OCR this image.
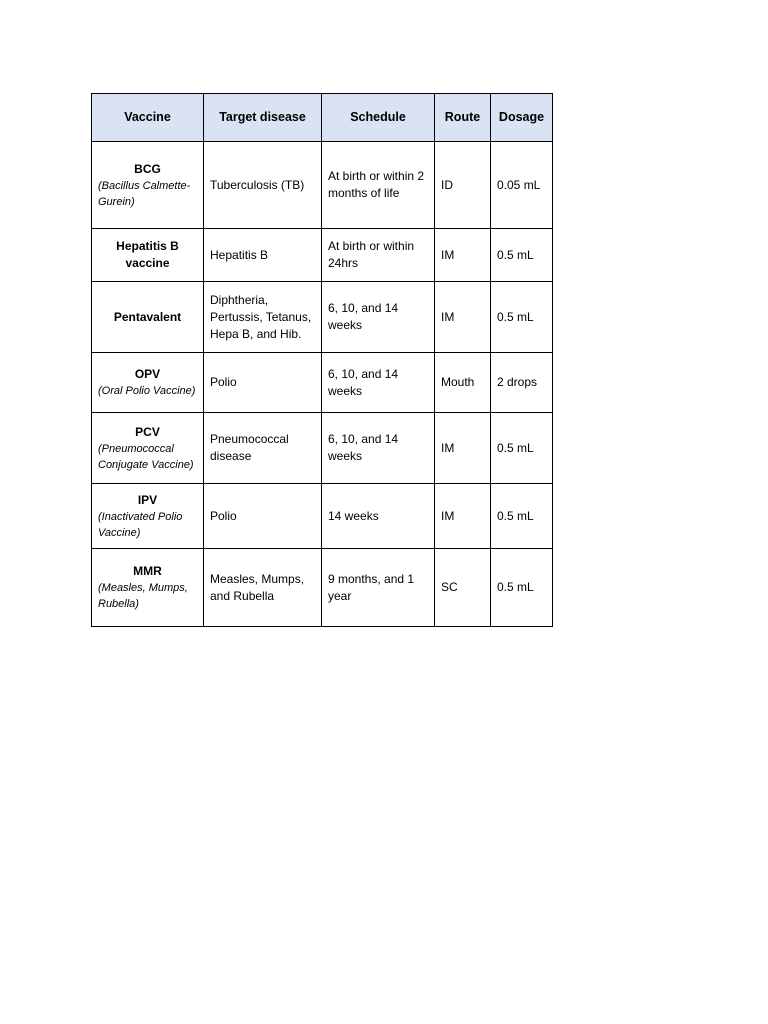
Vaccine	Target disease	Schedule	Route	Dosage

BCG
(Bacillus Calmette-Gurein)	Tuberculosis (TB)	At birth or within 2 months of life	ID	0.05 mL

Hepatitis B vaccine	Hepatitis B	At birth or within 24hrs	IM	0.5 mL

Pentavalent	Diphtheria, Pertussis, Tetanus, Hepa B, and Hib.	6, 10, and 14 weeks	IM	0.5 mL

OPV
(Oral Polio Vaccine)	Polio	6, 10, and 14 weeks	Mouth	2 drops

PCV
(Pneumococcal Conjugate Vaccine)	Pneumococcal disease	6, 10, and 14 weeks	IM	0.5 mL

IPV
(Inactivated Polio Vaccine)	Polio	14 weeks	IM	0.5 mL

MMR
(Measles, Mumps, Rubella)	Measles, Mumps, and Rubella	9 months, and 1 year	SC	0.5 mL
